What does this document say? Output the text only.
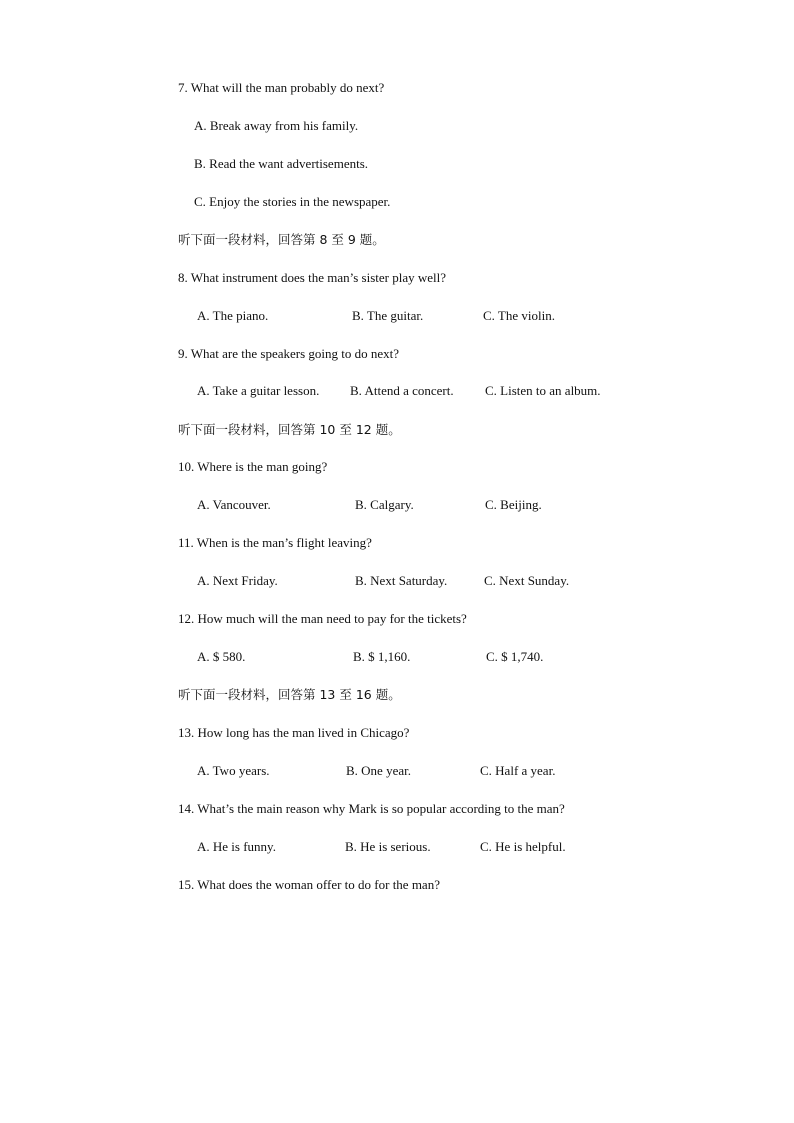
7. What will the man probably do next?
A. Break away from his family.
B. Read the want advertisements.
C. Enjoy the stories in the newspaper.
听下面一段材料，回答第 8 至 9 题。
8. What instrument does the man’s sister play well?
A. The piano.	B. The guitar.	C. The violin.
9. What are the speakers going to do next?
A. Take a guitar lesson. B. Attend a concert. C. Listen to an album.
听下面一段材料，回答第 10 至 12 题。
10. Where is the man going?
A. Vancouver.	B. Calgary.	C. Beijing.
11. When is the man’s flight leaving?
A. Next Friday.	B. Next Saturday.	C. Next Sunday.
12. How much will the man need to pay for the tickets?
A. $ 580.	B. $ 1,160.	C. $ 1,740.
听下面一段材料，回答第 13 至 16 题。
13. How long has the man lived in Chicago?
A. Two years.	B. One year.	C. Half a year.
14. What’s the main reason why Mark is so popular according to the man?
A. He is funny.	B. He is serious.	C. He is helpful.
15. What does the woman offer to do for the man?
